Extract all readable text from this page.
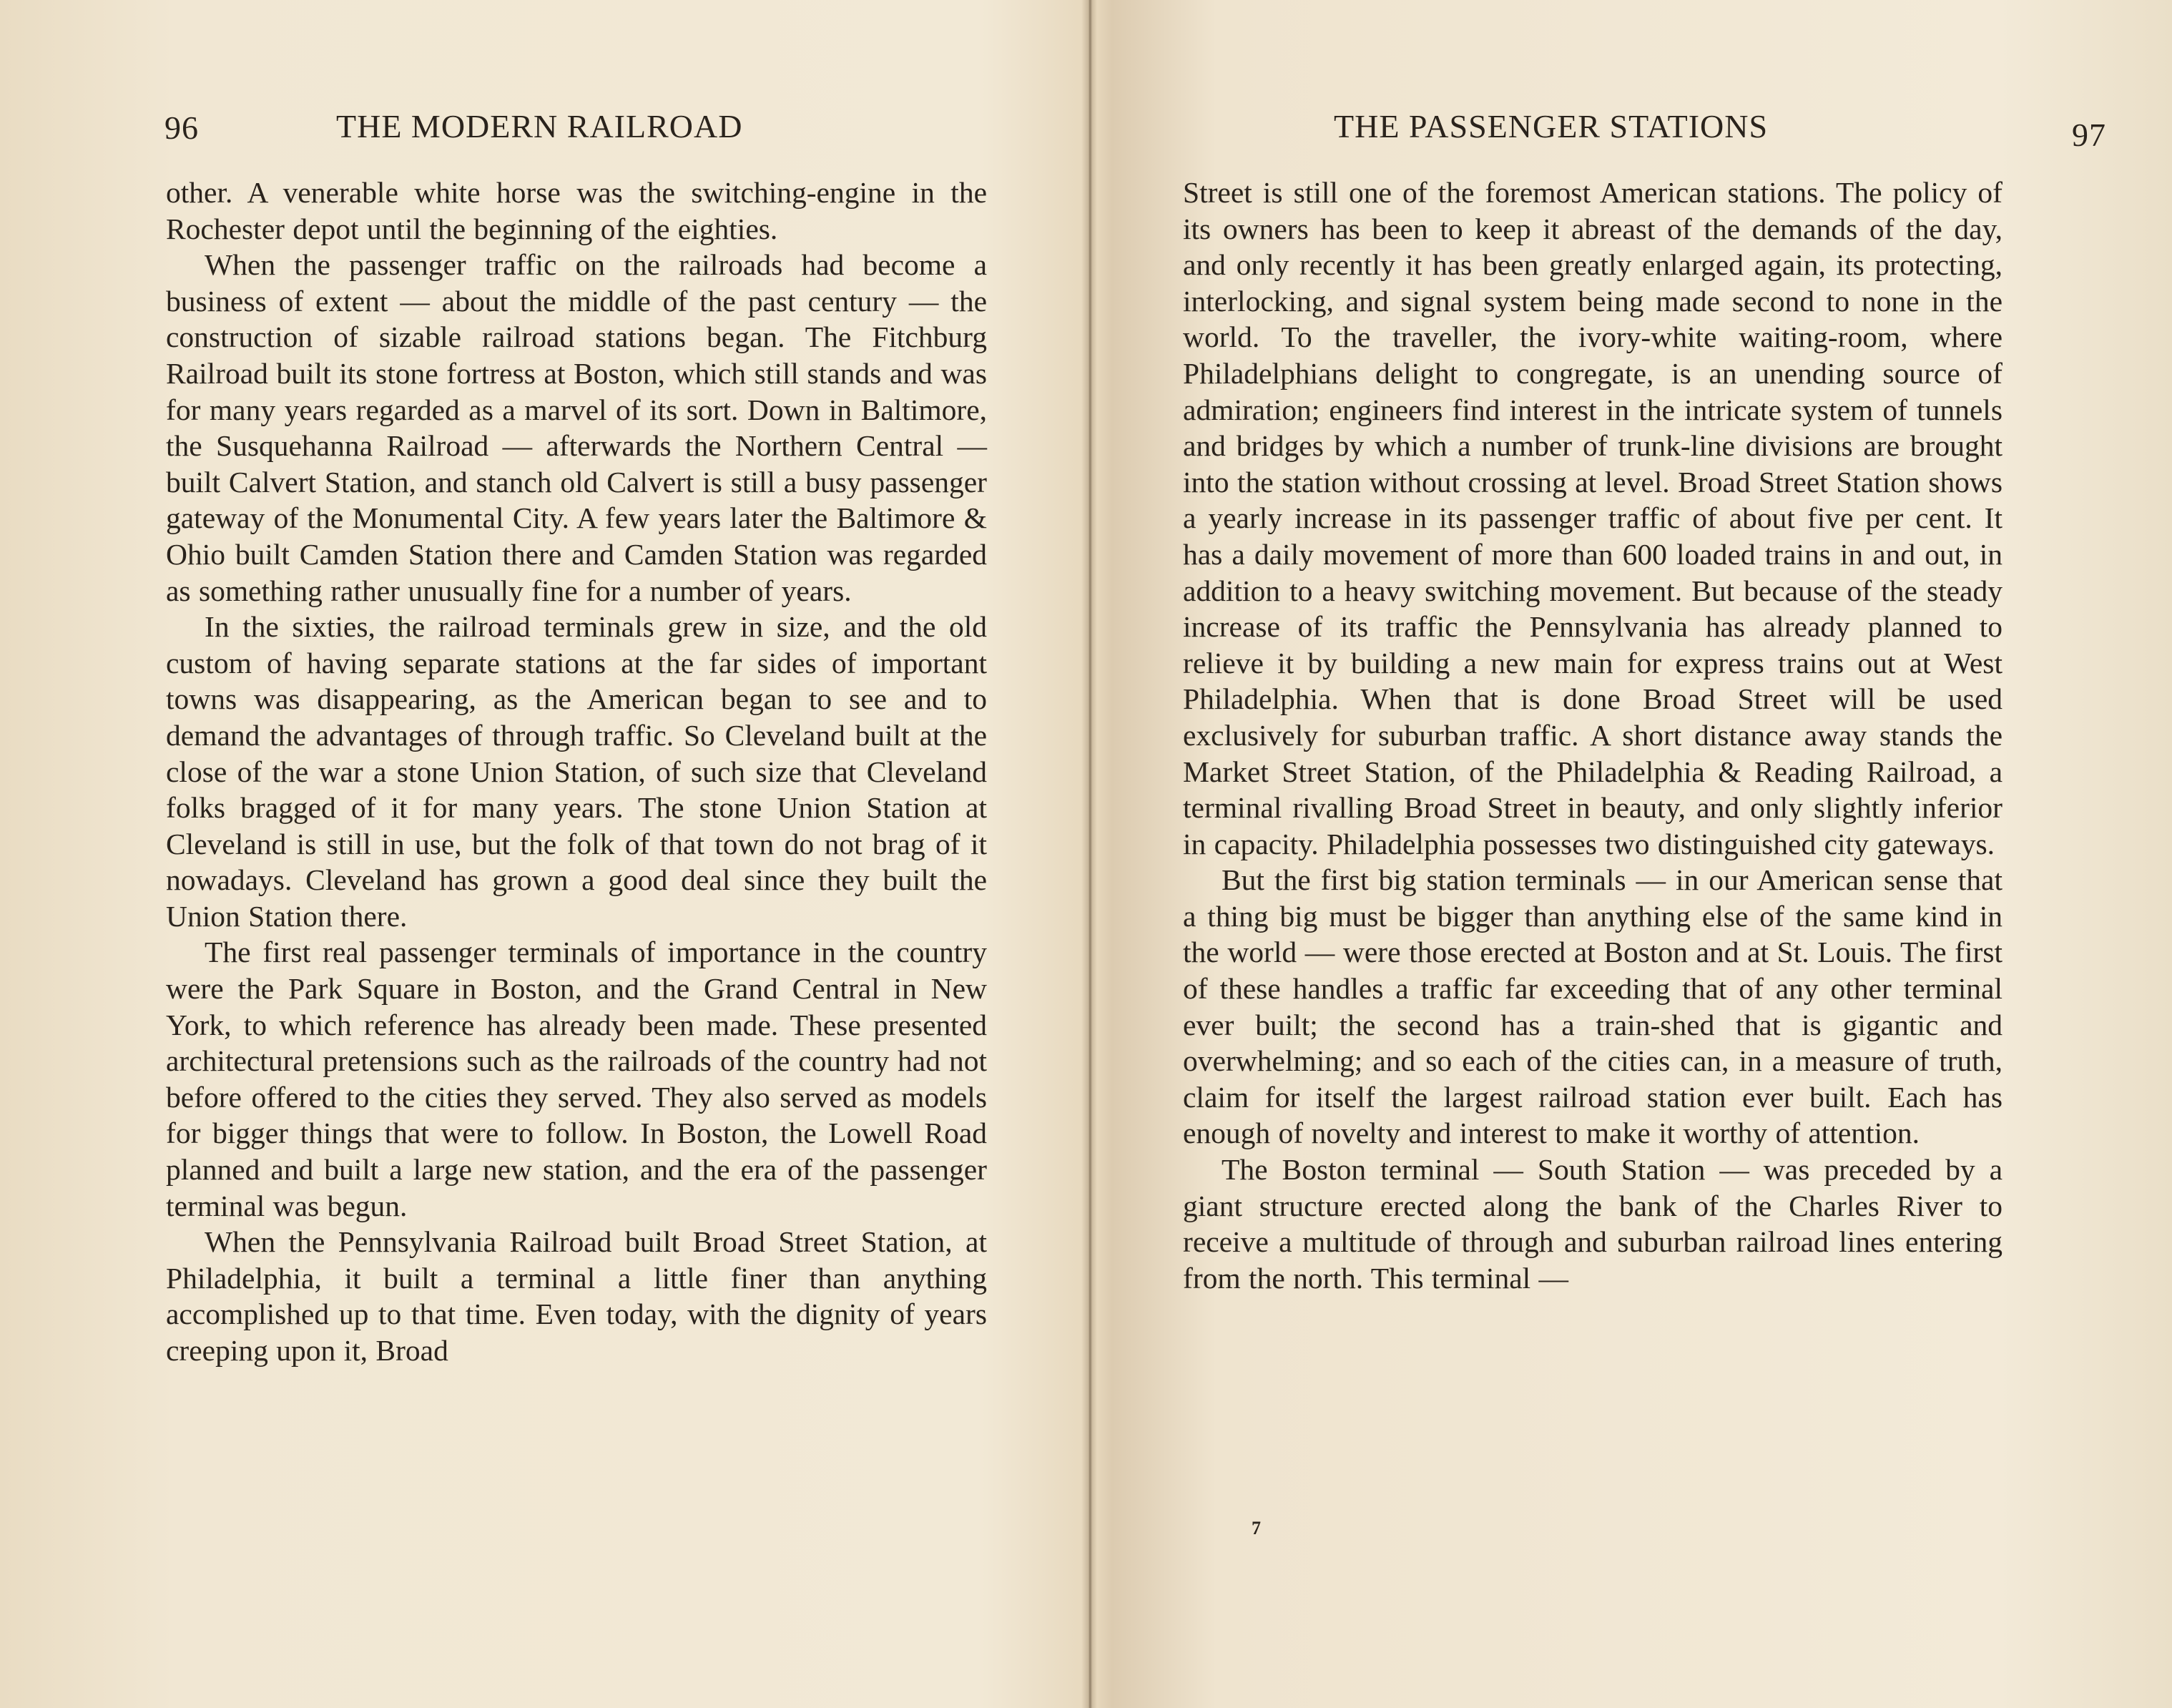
96	THE MODERN RAILROAD

other. A venerable white horse was the switching-engine in the Rochester depot until the beginning of the eighties.

When the passenger traffic on the railroads had become a business of extent — about the middle of the past century — the construction of sizable railroad stations began. The Fitchburg Railroad built its stone fortress at Boston, which still stands and was for many years regarded as a marvel of its sort. Down in Baltimore, the Susquehanna Railroad — afterwards the Northern Central — built Calvert Station, and stanch old Calvert is still a busy passenger gateway of the Monumental City. A few years later the Baltimore & Ohio built Camden Station there and Camden Station was regarded as something rather unusually fine for a number of years.

In the sixties, the railroad terminals grew in size, and the old custom of having separate stations at the far sides of important towns was disappearing, as the American began to see and to demand the advantages of through traffic. So Cleveland built at the close of the war a stone Union Station, of such size that Cleveland folks bragged of it for many years. The stone Union Station at Cleveland is still in use, but the folk of that town do not brag of it nowadays. Cleveland has grown a good deal since they built the Union Station there.

The first real passenger terminals of importance in the country were the Park Square in Boston, and the Grand Central in New York, to which reference has already been made. These presented architectural pretensions such as the railroads of the country had not before offered to the cities they served. They also served as models for bigger things that were to follow. In Boston, the Lowell Road planned and built a large new station, and the era of the passenger terminal was begun.

When the Pennsylvania Railroad built Broad Street Station, at Philadelphia, it built a terminal a little finer than anything accomplished up to that time. Even today, with the dignity of years creeping upon it, Broad

THE PASSENGER STATIONS	97

Street is still one of the foremost American stations. The policy of its owners has been to keep it abreast of the demands of the day, and only recently it has been greatly enlarged again, its protecting, interlocking, and signal system being made second to none in the world. To the traveller, the ivory-white waiting-room, where Philadelphians delight to congregate, is an unending source of admiration; engineers find interest in the intricate system of tunnels and bridges by which a number of trunk-line divisions are brought into the station without crossing at level. Broad Street Station shows a yearly increase in its passenger traffic of about five per cent. It has a daily movement of more than 600 loaded trains in and out, in addition to a heavy switching movement. But because of the steady increase of its traffic the Pennsylvania has already planned to relieve it by building a new main for express trains out at West Philadelphia. When that is done Broad Street will be used exclusively for suburban traffic. A short distance away stands the Market Street Station, of the Philadelphia & Reading Railroad, a terminal rivalling Broad Street in beauty, and only slightly inferior in capacity. Philadelphia possesses two distinguished city gateways.

But the first big station terminals — in our American sense that a thing big must be bigger than anything else of the same kind in the world — were those erected at Boston and at St. Louis. The first of these handles a traffic far exceeding that of any other terminal ever built; the second has a train-shed that is gigantic and overwhelming; and so each of the cities can, in a measure of truth, claim for itself the largest railroad station ever built. Each has enough of novelty and interest to make it worthy of attention.

The Boston terminal — South Station — was preceded by a giant structure erected along the bank of the Charles River to receive a multitude of through and suburban railroad lines entering from the north. This terminal —

7
